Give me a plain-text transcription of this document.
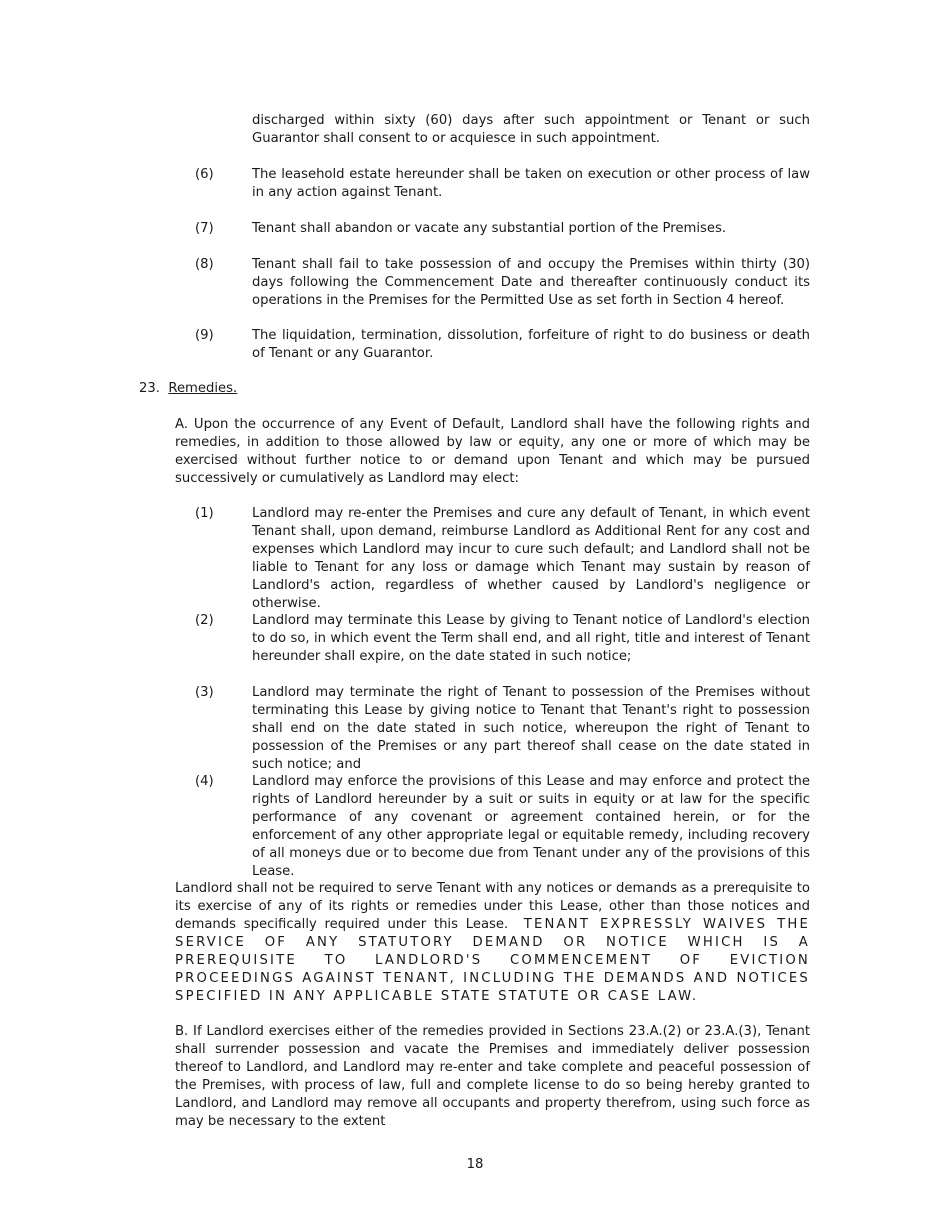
discharged within sixty (60) days after such appointment or Tenant or such Guarantor shall consent to or acquiesce in such appointment.

(6)	The leasehold estate hereunder shall be taken on execution or other process of law in any action against Tenant.

(7)	Tenant shall abandon or vacate any substantial portion of the Premises.

(8)	Tenant shall fail to take possession of and occupy the Premises within thirty (30) days following the Commencement Date and thereafter continuously conduct its operations in the Premises for the Permitted Use as set forth in Section 4 hereof.

(9)	The liquidation, termination, dissolution, forfeiture of right to do business or death of Tenant or any Guarantor.

23. Remedies.

A. Upon the occurrence of any Event of Default, Landlord shall have the following rights and remedies, in addition to those allowed by law or equity, any one or more of which may be exercised without further notice to or demand upon Tenant and which may be pursued successively or cumulatively as Landlord may elect:

(1)	Landlord may re-enter the Premises and cure any default of Tenant, in which event Tenant shall, upon demand, reimburse Landlord as Additional Rent for any cost and expenses which Landlord may incur to cure such default; and Landlord shall not be liable to Tenant for any loss or damage which Tenant may sustain by reason of Landlord's action, regardless of whether caused by Landlord's negligence or otherwise.

(2)	Landlord may terminate this Lease by giving to Tenant notice of Landlord's election to do so, in which event the Term shall end, and all right, title and interest of Tenant hereunder shall expire, on the date stated in such notice;

(3)	Landlord may terminate the right of Tenant to possession of the Premises without terminating this Lease by giving notice to Tenant that Tenant's right to possession shall end on the date stated in such notice, whereupon the right of Tenant to possession of the Premises or any part thereof shall cease on the date stated in such notice; and

(4)	Landlord may enforce the provisions of this Lease and may enforce and protect the rights of Landlord hereunder by a suit or suits in equity or at law for the specific performance of any covenant or agreement contained herein, or for the enforcement of any other appropriate legal or equitable remedy, including recovery of all moneys due or to become due from Tenant under any of the provisions of this Lease.

Landlord shall not be required to serve Tenant with any notices or demands as a prerequisite to its exercise of any of its rights or remedies under this Lease, other than those notices and demands specifically required under this Lease. TENANT EXPRESSLY WAIVES THE SERVICE OF ANY STATUTORY DEMAND OR NOTICE WHICH IS A PREREQUISITE TO LANDLORD'S COMMENCEMENT OF EVICTION PROCEEDINGS AGAINST TENANT, INCLUDING THE DEMANDS AND NOTICES SPECIFIED IN ANY APPLICABLE STATE STATUTE OR CASE LAW.

B. If Landlord exercises either of the remedies provided in Sections 23.A.(2) or 23.A.(3), Tenant shall surrender possession and vacate the Premises and immediately deliver possession thereof to Landlord, and Landlord may re-enter and take complete and peaceful possession of the Premises, with process of law, full and complete license to do so being hereby granted to Landlord, and Landlord may remove all occupants and property therefrom, using such force as may be necessary to the extent

18
